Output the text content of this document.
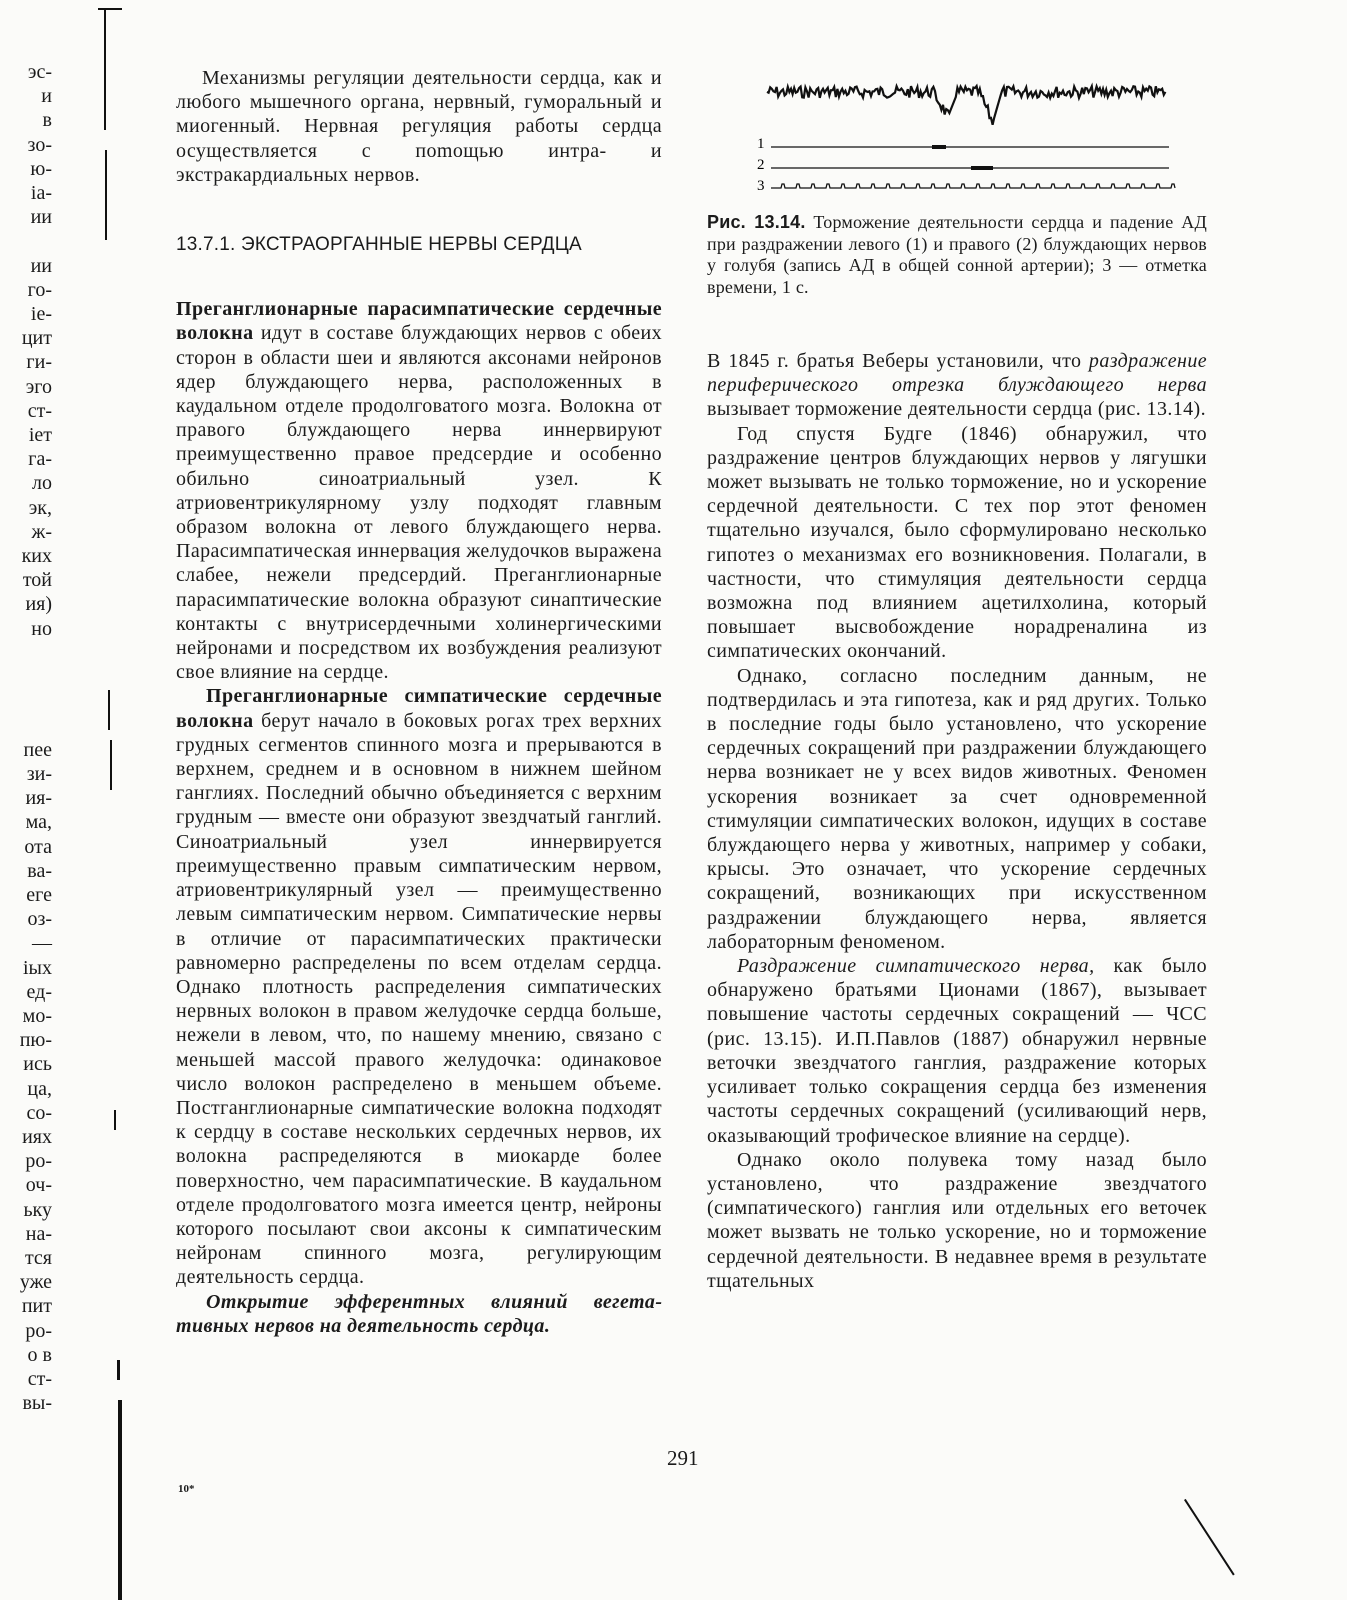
эс-
и
в
зо-
ю-
іа-
ии

ии
го-
іе-
цит
ги-
эго
ст-
іет
га-
ло
эк,
ж-
ких
той
ия)
но

пее
зи-
ия-
ма,
ота
ва-
еге
оз-
—
іых
ед-
мо-
пю-
ись
ца,
со-
иях
ро-
оч-
ьку
на-
тся
уже
пит
ро-
о в
ст-
вы-

Механизмы регуляции деятельности сердца, как и любого мышечного органа, нервный, гуморальный и миогенный. Нервная регуляция работы сердца осуществляется с поmощью интра- и экстракардиальных нервов.

13.7.1. ЭКСТРАОРГАННЫЕ НЕРВЫ СЕРДЦА

Преганглионарные парасимпатические сердечные волокна идут в составе блуждающих нервов с обеих сторон в области шеи и являются аксонами нейронов ядер блуждающего нерва, расположенных в каудальном отделе продолговатого мозга. Волокна от правого блуждающего нерва иннервируют преимущественно правое предсердие и особенно обильно синоатриальный узел. К атриовентрикулярному узлу подходят главным образом волокна от левого блуждающего нерва. Парасимпатическая иннервация желудочков выражена слабее, нежели предсердий. Преганглионарные парасимпатические волокна образуют синаптические контакты с внутрисердечными холинергическими нейронами и посредством их возбуждения реализуют свое влияние на сердце.

Преганглионарные симпатические сердечные волокна берут начало в боковых рогах трех верхних грудных сегментов спинного мозга и прерываются в верхнем, среднем и в основном в нижнем шейном ганглиях. Последний обычно объединяется с верхним грудным — вместе они образуют звездчатый ганглий. Синоатриальный узел иннервируется преимущественно правым симпатическим нервом, атриовентрикулярный узел — преимущественно левым симпатическим нервом. Симпатические нервы в отличие от парасимпатических практически равномерно распределены по всем отделам сердца. Однако плотность распределения симпатических нервных волокон в правом желудочке сердца больше, нежели в левом, что, по нашему мнению, связано с меньшей массой правого желудочка: одинаковое число волокон распределено в меньшем объеме. Постганглионарные симпатические волокна подходят к сердцу в составе нескольких сердечных нервов, их волокна распределяются в миокарде более поверхностно, чем парасимпатические. В каудальном отделе продолговатого мозга имеется центр, нейроны которого посылают свои аксоны к симпатическим нейронам спинного мозга, регулирующим деятельность сердца.

Открытие эфферентных влияний вегетативных нервов на деятельность сердца.

1
2
3

Рис. 13.14. Торможение деятельности сердца и падение АД при раздражении левого (1) и правого (2) блуждающих нервов у голубя (запись АД в общей сонной артерии); 3 — отметка времени, 1 с.

В 1845 г. братья Веберы установили, что раздражение периферического отрезка блуждающего нерва вызывает торможение деятельности сердца (рис. 13.14).

Год спустя Будге (1846) обнаружил, что раздражение центров блуждающих нервов у лягушки может вызывать не только торможение, но и ускорение сердечной деятельности. С тех пор этот феномен тщательно изучался, было сформулировано несколько гипотез о механизмах его возникновения. Полагали, в частности, что стимуляция деятельности сердца возможна под влиянием ацетилхолина, который повышает высвобождение норадреналина из симпатических окончаний.

Однако, согласно последним данным, не подтвердилась и эта гипотеза, как и ряд других. Только в последние годы было установлено, что ускорение сердечных сокращений при раздражении блуждающего нерва возникает не у всех видов животных. Феномен ускорения возникает за счет одновременной стимуляции симпатических волокон, идущих в составе блуждающего нерва у животных, например у собаки, крысы. Это означает, что ускорение сердечных сокращений, возникающих при искусственном раздражении блуждающего нерва, является лабораторным феноменом.

Раздражение симпатического нерва, как было обнаружено братьями Ционами (1867), вызывает повышение частоты сердечных сокращений — ЧСС (рис. 13.15). И.П.Павлов (1887) обнаружил нервные веточки звездчатого ганглия, раздражение которых усиливает только сокращения сердца без изменения частоты сердечных сокращений (усиливающий нерв, оказывающий трофическое влияние на сердце).

Однако около полувека тому назад было установлено, что раздражение звездчатого (симпатического) ганглия или отдельных его веточек может вызвать не только ускорение, но и торможение сердечной деятельности. В недавнее время в результате тщательных

291
10*
